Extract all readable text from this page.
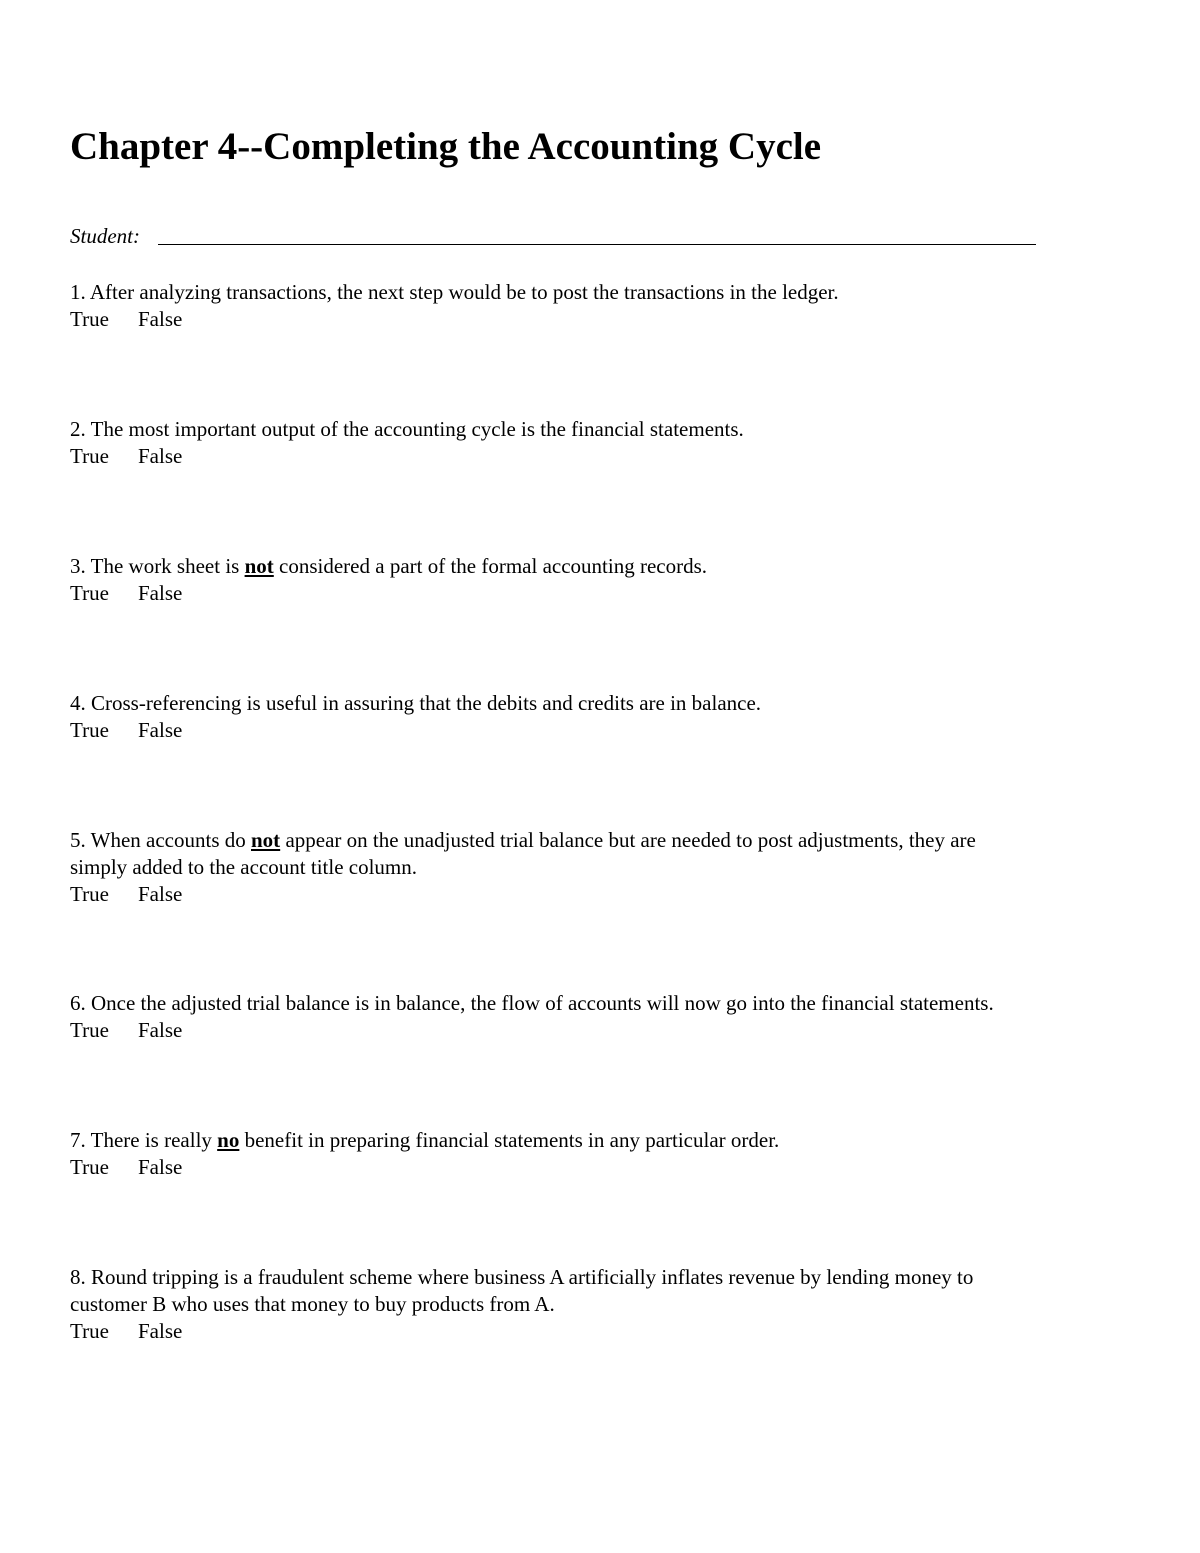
Chapter 4--Completing the Accounting Cycle
Student:
1. After analyzing transactions, the next step would be to post the transactions in the ledger.
True False
2. The most important output of the accounting cycle is the financial statements.
True False
3. The work sheet is not considered a part of the formal accounting records.
True False
4. Cross-referencing is useful in assuring that the debits and credits are in balance.
True False
5. When accounts do not appear on the unadjusted trial balance but are needed to post adjustments, they are
simply added to the account title column.
True False
6. Once the adjusted trial balance is in balance, the flow of accounts will now go into the financial statements.
True False
7. There is really no benefit in preparing financial statements in any particular order.
True False
8. Round tripping is a fraudulent scheme where business A artificially inflates revenue by lending money to
customer B who uses that money to buy products from A.
True False
